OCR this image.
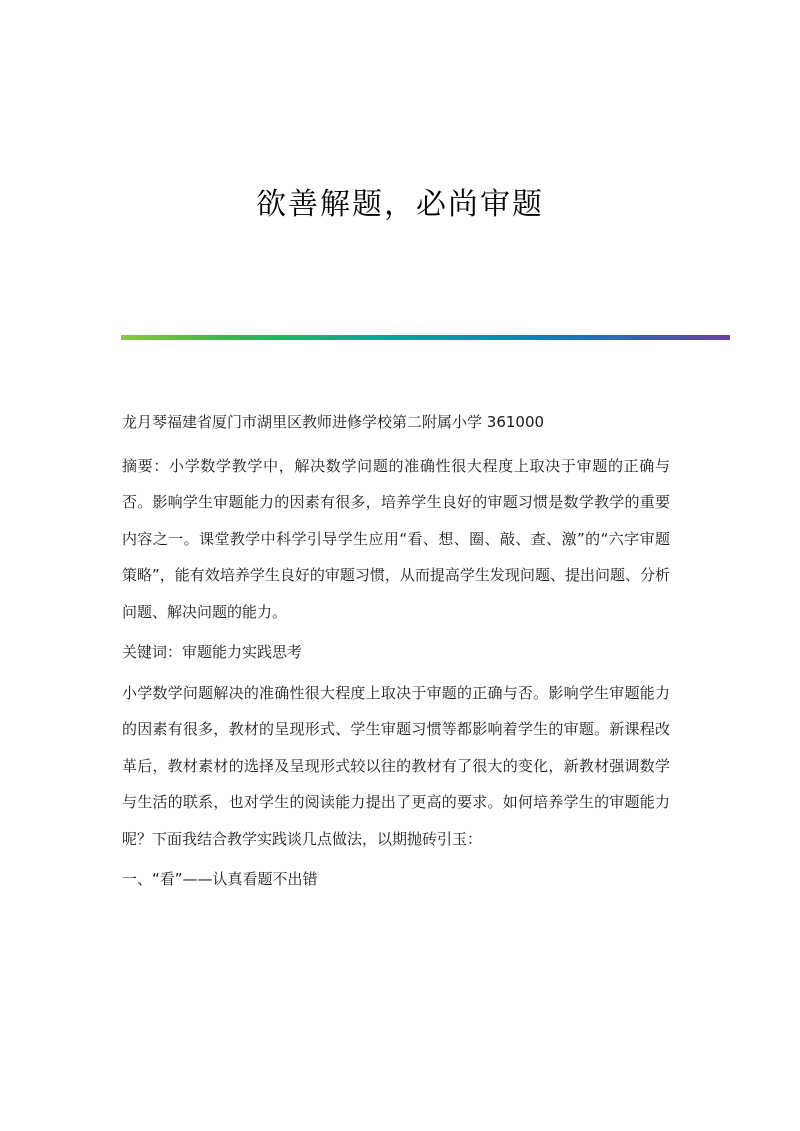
欲善解题，必尚审题

龙月琴福建省厦门市湖里区教师进修学校第二附属小学 361000

摘要：小学数学教学中，解决数学问题的准确性很大程度上取决于审题的正确与否。影响学生审题能力的因素有很多，培养学生良好的审题习惯是数学教学的重要内容之一。课堂教学中科学引导学生应用“看、想、圈、敲、查、激”的“六字审题策略”，能有效培养学生良好的审题习惯，从而提高学生发现问题、提出问题、分析问题、解决问题的能力。

关键词：审题能力实践思考

小学数学问题解决的准确性很大程度上取决于审题的正确与否。影响学生审题能力的因素有很多，教材的呈现形式、学生审题习惯等都影响着学生的审题。新课程改革后，教材素材的选择及呈现形式较以往的教材有了很大的变化，新教材强调数学与生活的联系，也对学生的阅读能力提出了更高的要求。如何培养学生的审题能力呢？下面我结合教学实践谈几点做法，以期抛砖引玉：

一、“看”——认真看题不出错
